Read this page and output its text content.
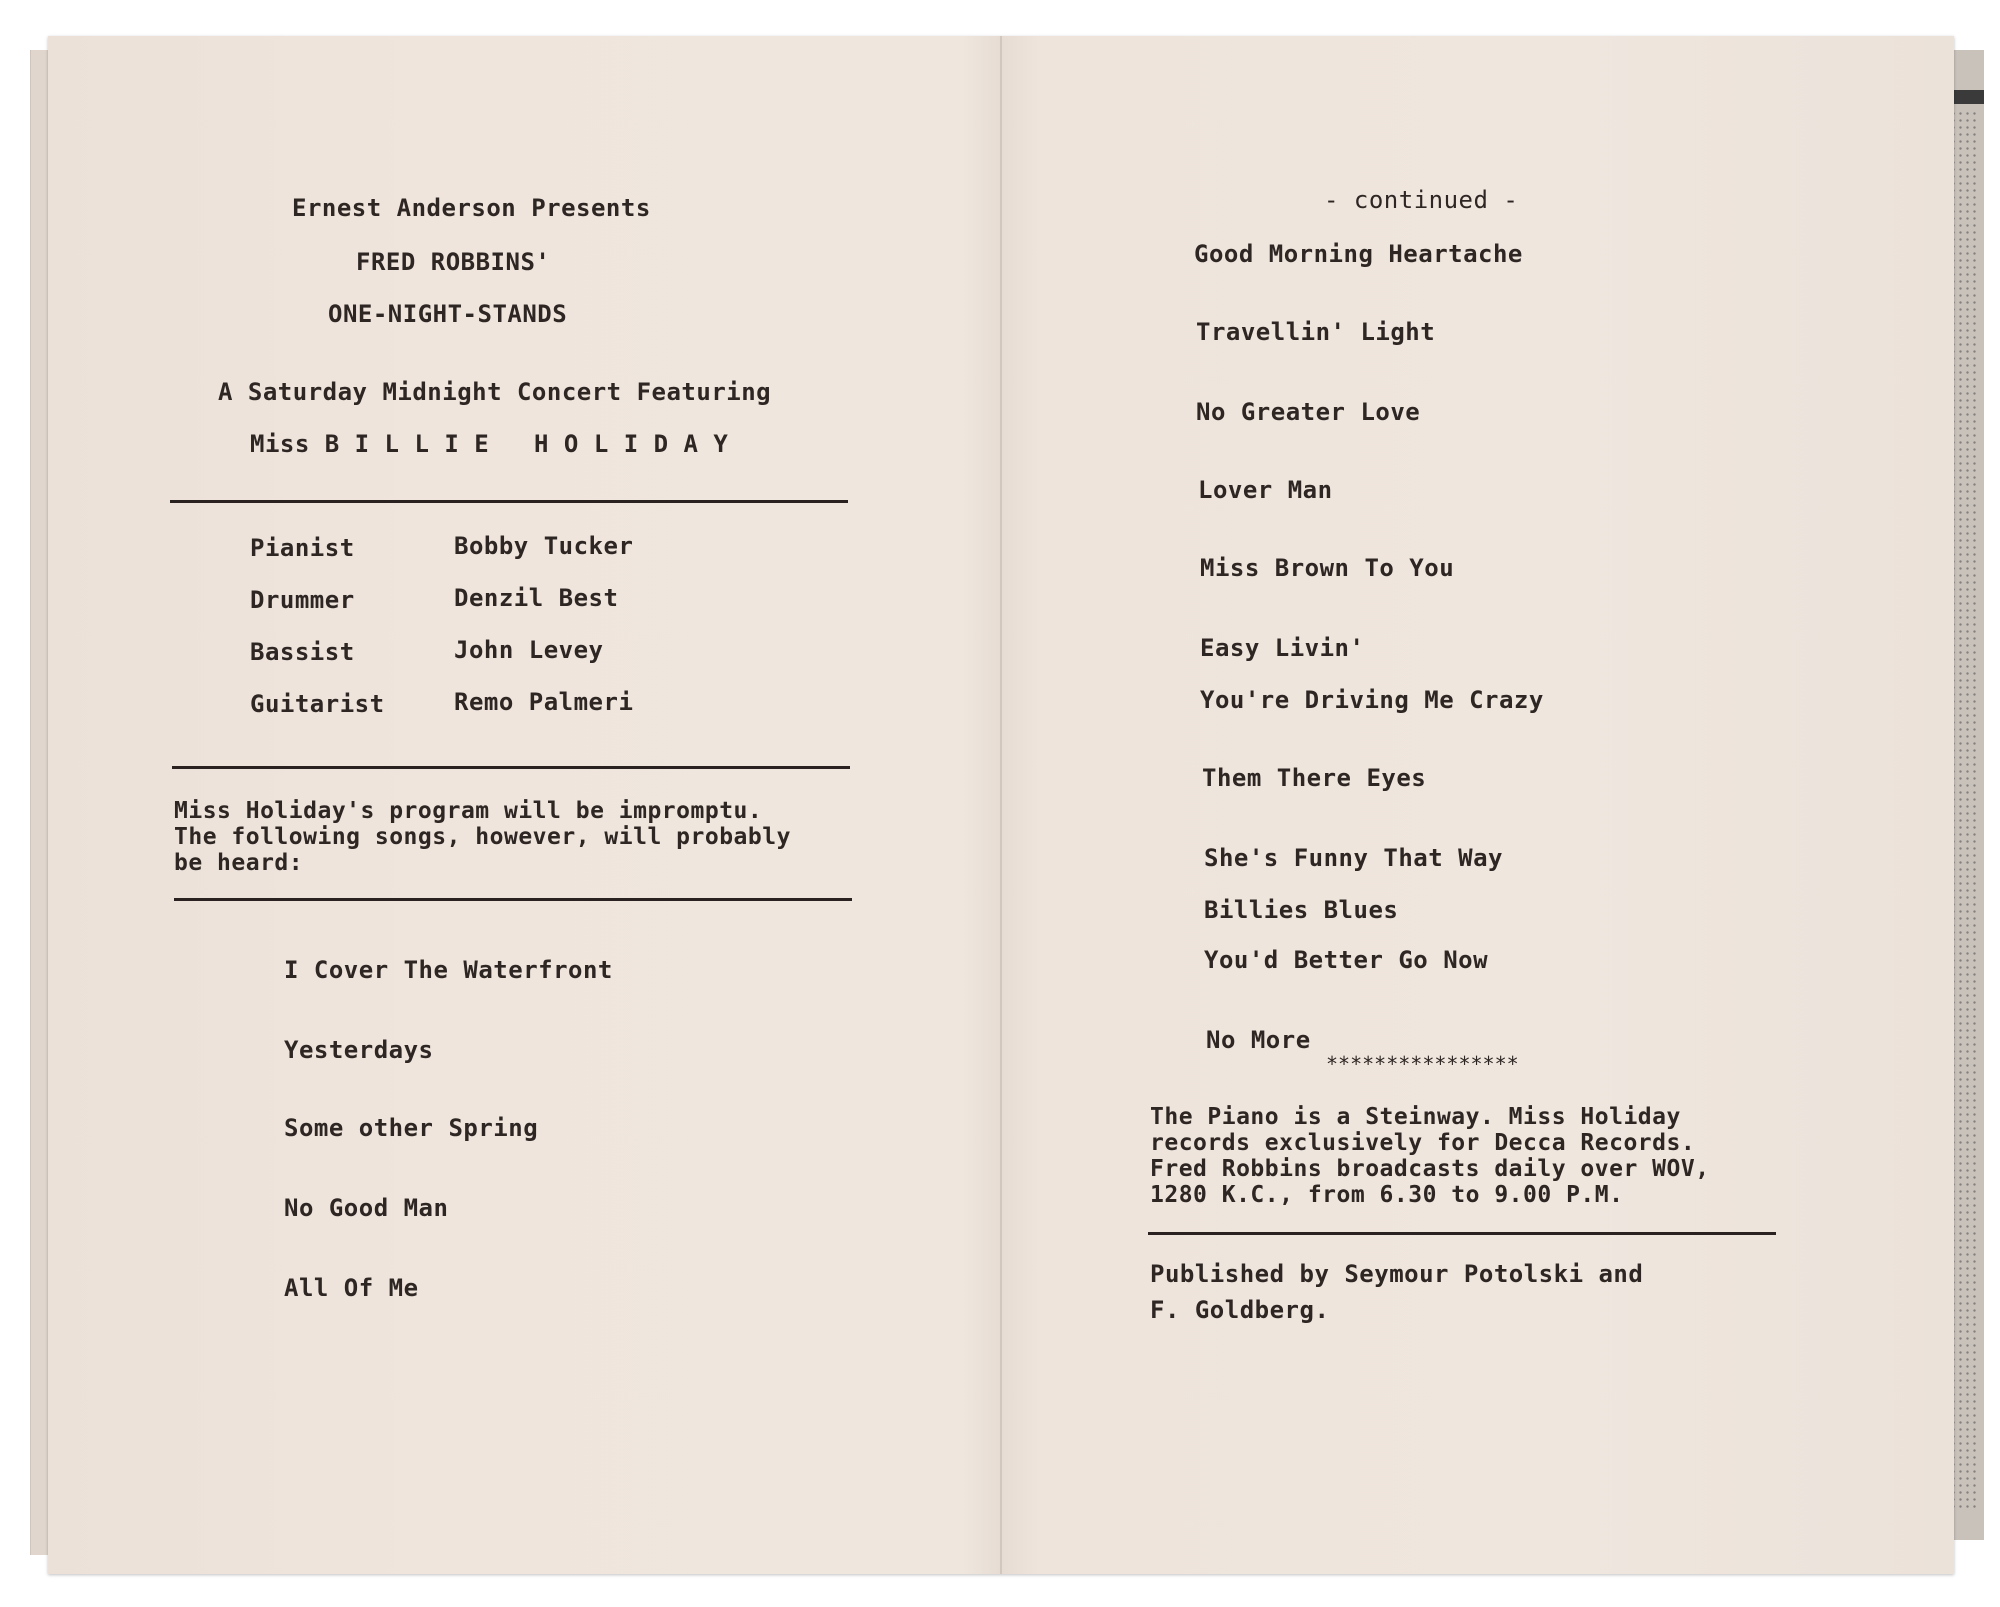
Ernest Anderson Presents
FRED ROBBINS'
ONE-NIGHT-STANDS
A Saturday Midnight Concert Featuring
Miss B I L L I E   H O L I D A Y
Pianist	Bobby Tucker
Drummer	Denzil Best
Bassist	John Levey
Guitarist	Remo Palmeri
Miss Holiday's program will be impromptu.
The following songs, however, will probably
be heard:
I Cover The Waterfront
Yesterdays
Some other Spring
No Good Man
All Of Me
- continued -
Good Morning Heartache
Travellin' Light
No Greater Love
Lover Man
Miss Brown To You
Easy Livin'
You're Driving Me Crazy
Them There Eyes
She's Funny That Way
Billies Blues
You'd Better Go Now
No More
****************
The Piano is a Steinway. Miss Holiday
records exclusively for Decca Records.
Fred Robbins broadcasts daily over WOV,
1280 K.C., from 6.30 to 9.00 P.M.
Published by Seymour Potolski and
F. Goldberg.
